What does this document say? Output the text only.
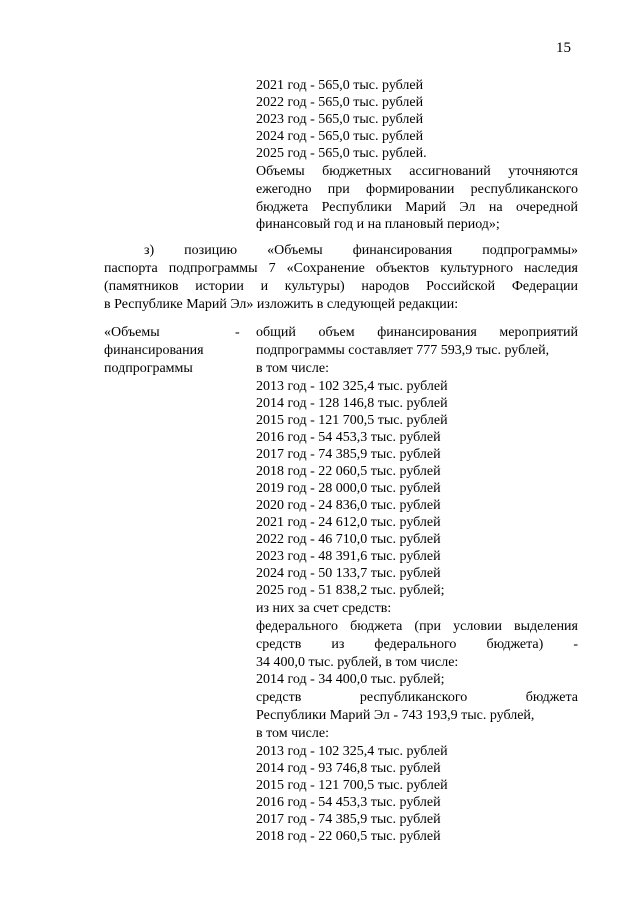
15
2021 год - 565,0 тыс. рублей
2022 год - 565,0 тыс. рублей
2023 год - 565,0 тыс. рублей
2024 год - 565,0 тыс. рублей
2025 год - 565,0 тыс. рублей.
Объемы бюджетных ассигнований уточняются
ежегодно при формировании республиканского
бюджета Республики Марий Эл на очередной
финансовый год и на плановый период»;
з) позицию «Объемы финансирования подпрограммы»
паспорта подпрограммы 7 «Сохранение объектов культурного наследия
(памятников истории и культуры) народов Российской Федерации
в Республике Марий Эл» изложить в следующей редакции:
«Объемы
финансирования
подпрограммы
- общий объем финансирования мероприятий
подпрограммы составляет 777 593,9 тыс. рублей,
в том числе:
2013 год - 102 325,4 тыс. рублей
2014 год - 128 146,8 тыс. рублей
2015 год - 121 700,5 тыс. рублей
2016 год - 54 453,3 тыс. рублей
2017 год - 74 385,9 тыс. рублей
2018 год - 22 060,5 тыс. рублей
2019 год - 28 000,0 тыс. рублей
2020 год - 24 836,0 тыс. рублей
2021 год - 24 612,0 тыс. рублей
2022 год - 46 710,0 тыс. рублей
2023 год - 48 391,6 тыс. рублей
2024 год - 50 133,7 тыс. рублей
2025 год - 51 838,2 тыс. рублей;
из них за счет средств:
федерального бюджета (при условии выделения
средств из федерального бюджета) -
34 400,0 тыс. рублей, в том числе:
2014 год - 34 400,0 тыс. рублей;
средств республиканского бюджета
Республики Марий Эл - 743 193,9 тыс. рублей,
в том числе:
2013 год - 102 325,4 тыс. рублей
2014 год - 93 746,8 тыс. рублей
2015 год - 121 700,5 тыс. рублей
2016 год - 54 453,3 тыс. рублей
2017 год - 74 385,9 тыс. рублей
2018 год - 22 060,5 тыс. рублей
